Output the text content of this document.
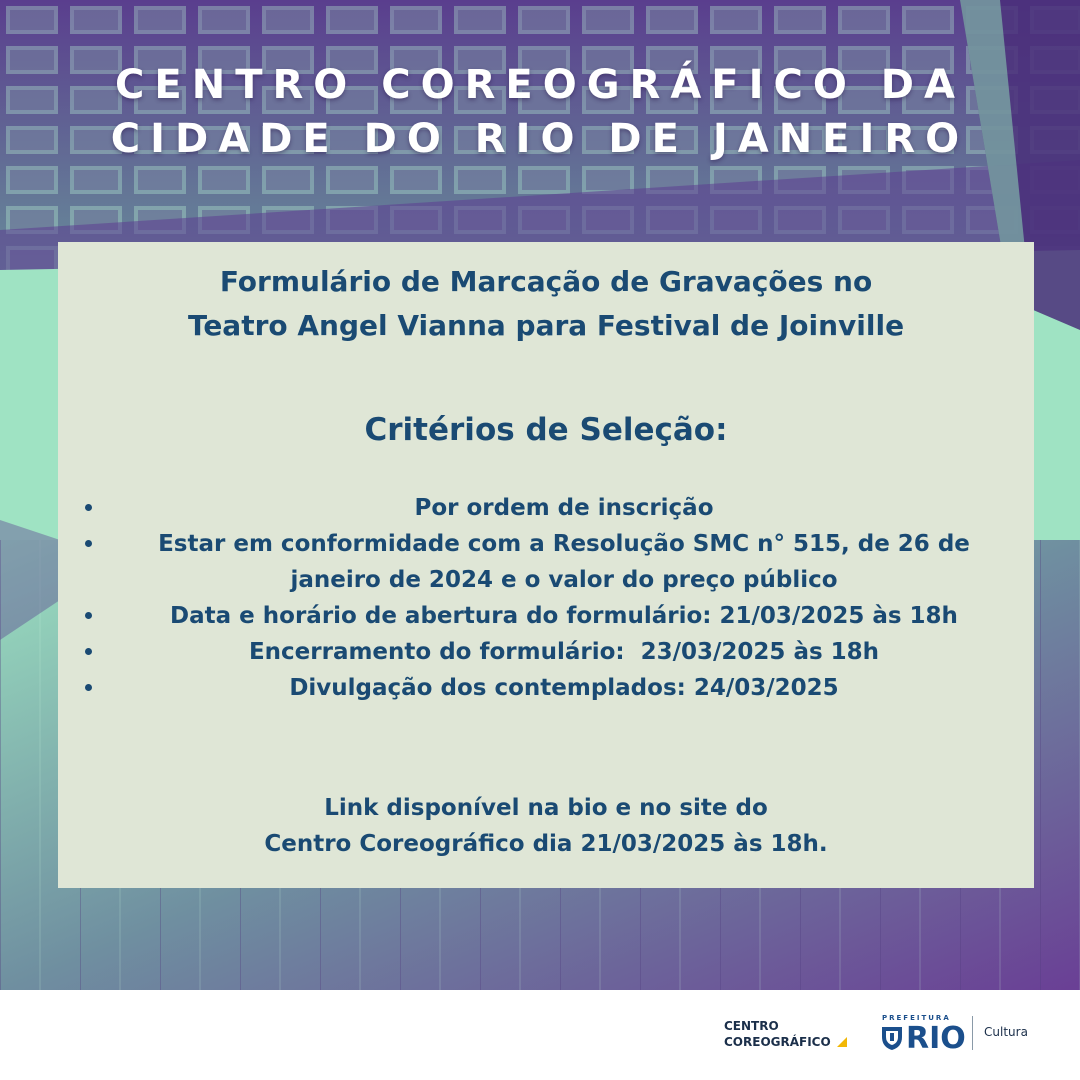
CENTRO COREOGRÁFICO DA
CIDADE DO RIO DE JANEIRO
Formulário de Marcação de Gravações no
Teatro Angel Vianna para Festival de Joinville
Critérios de Seleção:
Por ordem de inscrição
Estar em conformidade com a Resolução SMC n° 515, de 26 de janeiro de 2024 e o valor do preço público
Data e horário de abertura do formulário: 21/03/2025 às 18h
Encerramento do formulário:  23/03/2025 às 18h
Divulgação dos contemplados: 24/03/2025
Link disponível na bio e no site do
Centro Coreográfico dia 21/03/2025 às 18h.
CENTRO
COREOGRÁFICO
PREFEITURA
RIO Cultura
